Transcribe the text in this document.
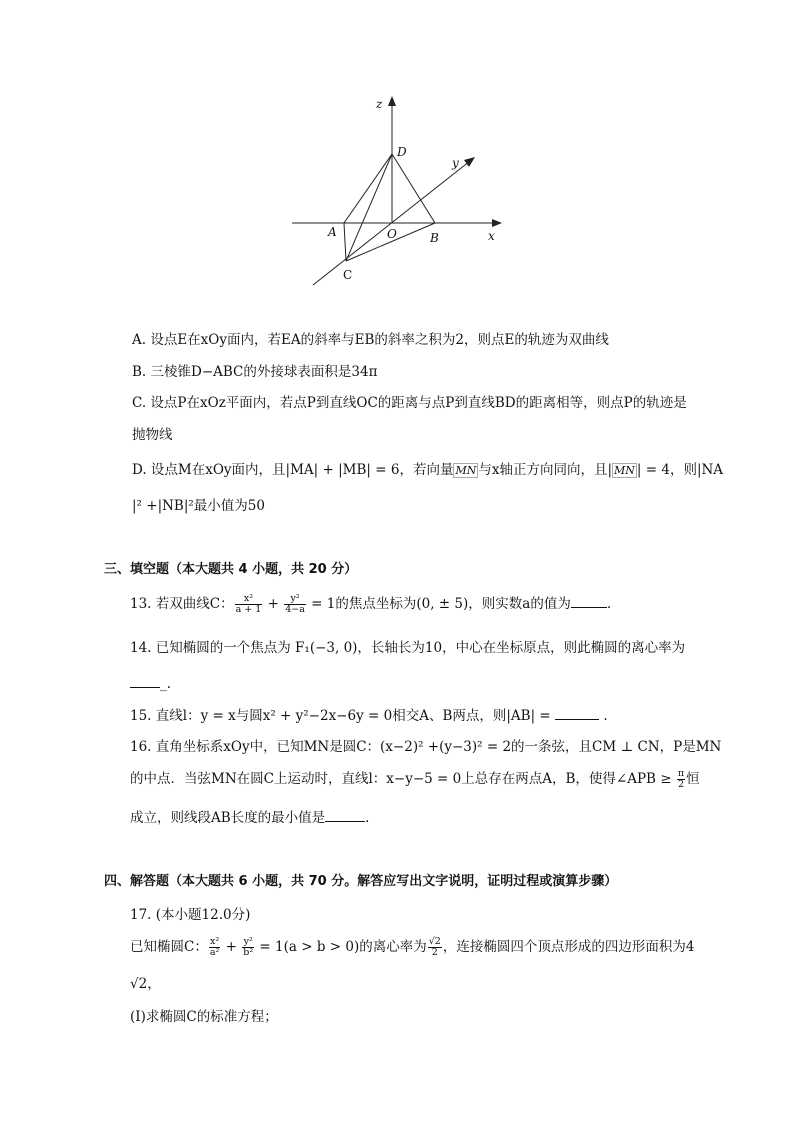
z
D
y
A	O	B	x
C
A. 设点E在xOy面内，若EA的斜率与EB的斜率之积为2，则点E的轨迹为双曲线
B. 三棱锥D−ABC的外接球表面积是34π
C. 设点P在xOz平面内，若点P到直线OC的距离与点P到直线BD的距离相等，则点P的轨迹是
抛物线
D. 设点M在xOy面内，且|MA| + |MB| = 6，若向量 MN 与x轴正方向同向，且| MN | = 4，则|NA
|² +|NB|²最小值为50
三、填空题（本大题共 4 小题，共 20 分）
13. 若双曲线C： $\frac{\text{x²}}{a + 1} + \frac{\text{y²}}{4-a} = 1$的焦点坐标为(0, ± 5)，则实数a的值为	.
14. 已知椭圆的一个焦点为 F₁(−3, 0)，长轴长为10，中心在坐标原点，则此椭圆的离心率为
_.
15. 直线l：y = x与圆x² + y²−2x−6y = 0相交A、B两点，则|AB| =	.
16. 直角坐标系xOy中，已知MN是圆C：(x−2)² +(y−3)² = 2的一条弦，且CM ⊥ CN，P是MN
的中点．当弦MN在圆C上运动时，直线l：x−y−5 = 0上总存在两点A，B，使得∠APB ≥ $\frac{\pi}{2}$ 恒
成立，则线段AB长度的最小值是	.
四、解答题（本大题共 6 小题，共 70 分。解答应写出文字说明，证明过程或演算步骤）
17. (本小题12.0分)
已知椭圆C： $\frac{\text{x²}}{\text{a²}} + \frac{\text{y²}}{\text{b²}} = 1(a > b > 0)$的离心率为 $\frac{√2}{2}$ ，连接椭圆四个顶点形成的四边形面积为4
√2，
(Ⅰ)求椭圆C的标准方程；
